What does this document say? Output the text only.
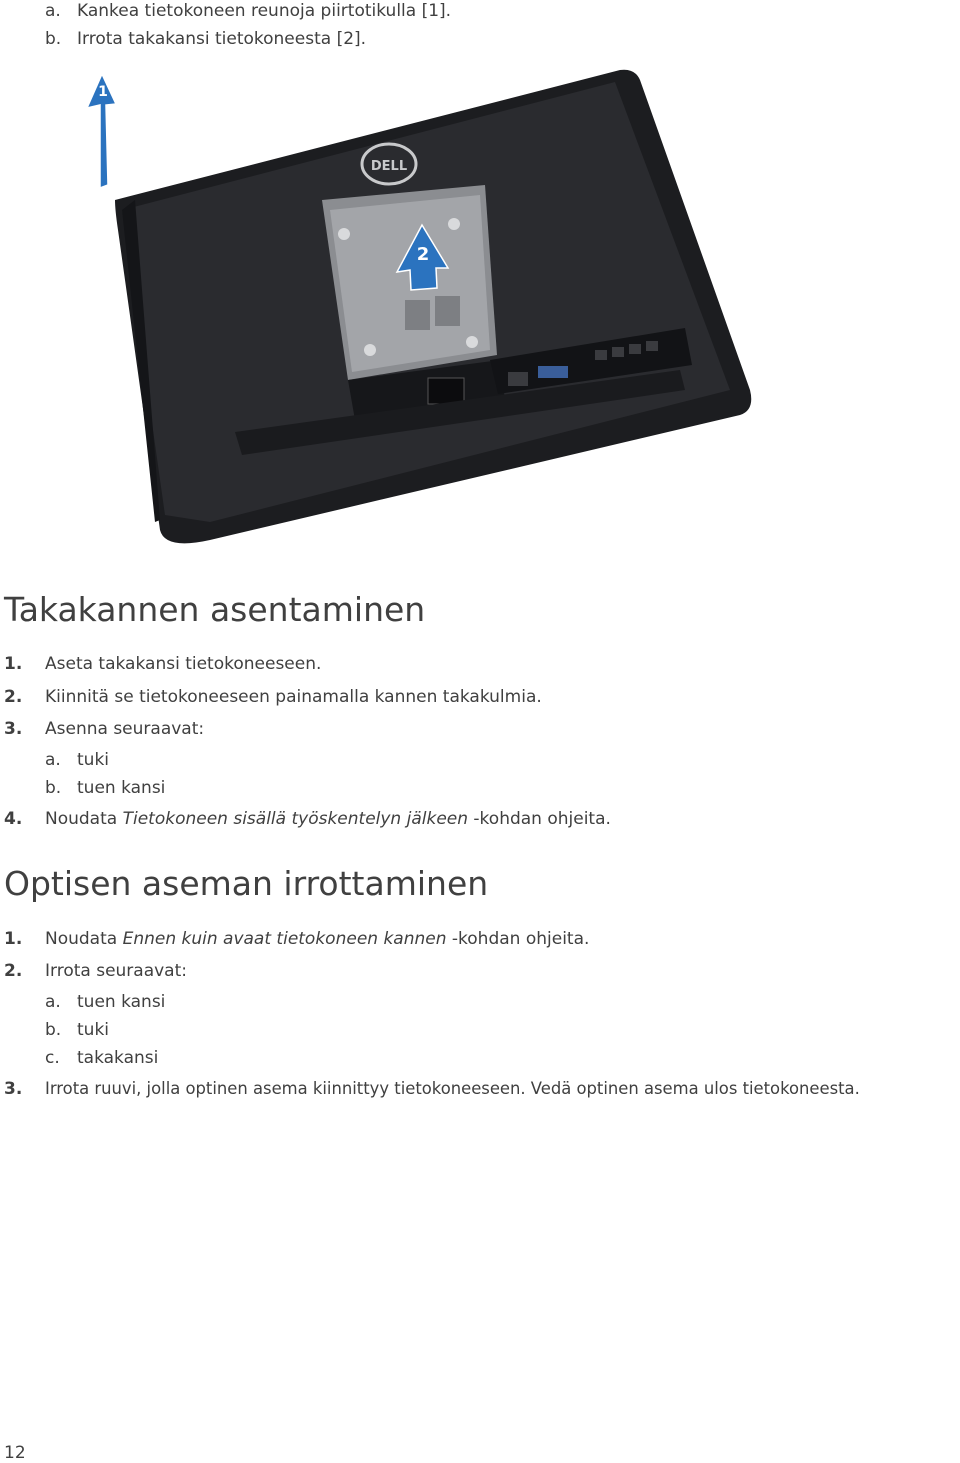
a. Kankea tietokoneen reunoja piirtotikulla [1].
b. Irrota takakansi tietokoneesta [2].
DELL
1
2
Takakannen asentaminen
1. Aseta takakansi tietokoneeseen.
2. Kiinnitä se tietokoneeseen painamalla kannen takakulmia.
3. Asenna seuraavat:
a. tuki
b. tuen kansi
4. Noudata Tietokoneen sisällä työskentelyn jälkeen -kohdan ohjeita.
Optisen aseman irrottaminen
1. Noudata Ennen kuin avaat tietokoneen kannen -kohdan ohjeita.
2. Irrota seuraavat:
a. tuen kansi
b. tuki
c. takakansi
3. Irrota ruuvi, jolla optinen asema kiinnittyy tietokoneeseen. Vedä optinen asema ulos tietokoneesta.
12
